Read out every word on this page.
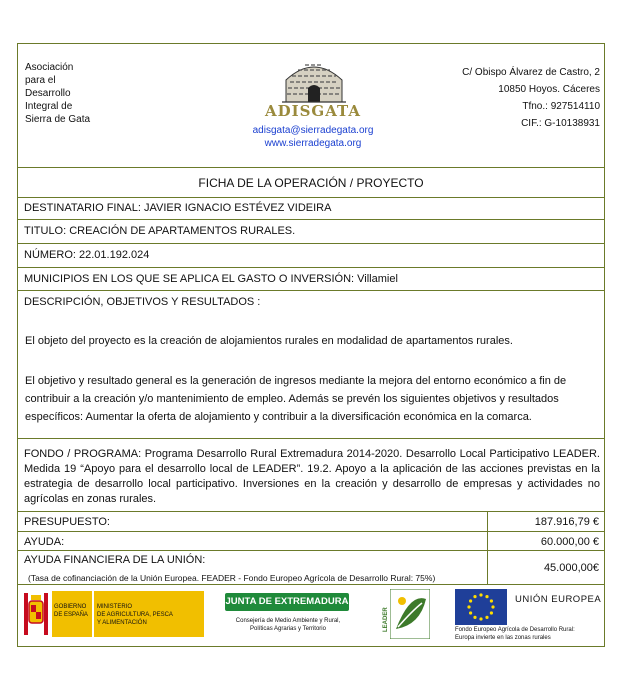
Asociación
para el
Desarrollo
Integral de
Sierra de Gata	ADISGATA
adisgata@sierradegata.org
www.sierradegata.org
C/ Obispo Álvarez de Castro, 2
10850 Hoyos. Cáceres
Tfno.: 927514110
CIF.: G-10138931
FICHA DE LA OPERACIÓN / PROYECTO
DESTINATARIO FINAL: JAVIER IGNACIO ESTÉVEZ VIDEIRA
TITULO: CREACIÓN DE APARTAMENTOS RURALES.
NÚMERO: 22.01.192.024
MUNICIPIOS EN LOS QUE SE APLICA EL GASTO O INVERSIÓN: Villamiel
DESCRIPCIÓN, OBJETIVOS Y RESULTADOS :
El objeto del proyecto es la creación de alojamientos rurales en modalidad de apartamentos rurales.
El objetivo y resultado general es la generación de ingresos mediante la mejora del entorno económico a fin de contribuir a la creación y/o mantenimiento de empleo. Además se prevén los siguientes objetivos y resultados específicos: Aumentar la oferta de alojamiento y contribuir a la diversificación económica en la comarca.
FONDO / PROGRAMA: Programa Desarrollo Rural Extremadura 2014-2020. Desarrollo Local Participativo LEADER. Medida 19 “Apoyo para el desarrollo local de LEADER”. 19.2. Apoyo a la aplicación de las acciones previstas en la estrategia de desarrollo local participativo. Inversiones en la creación y desarrollo de empresas y actividades no agrícolas en zonas rurales.
PRESUPUESTO:	187.916,79 €
AYUDA:	60.000,00 €
AYUDA FINANCIERA DE LA UNIÓN:
(Tasa de cofinanciación de la Unión Europea. FEADER - Fondo Europeo Agrícola de Desarrollo Rural: 75%)
45.000,00€
GOBIERNO
DE ESPAÑA
MINISTERIO
DE AGRICULTURA, PESCA
Y ALIMENTACIÓN
JUNTA DE EXTREMADURA
Consejería de Medio Ambiente y Rural,
Políticas Agrarias y Territorio	LEADER
UNIÓN EUROPEA
Fondo Europeo Agrícola de Desarrollo Rural:
Europa invierte en las zonas rurales
